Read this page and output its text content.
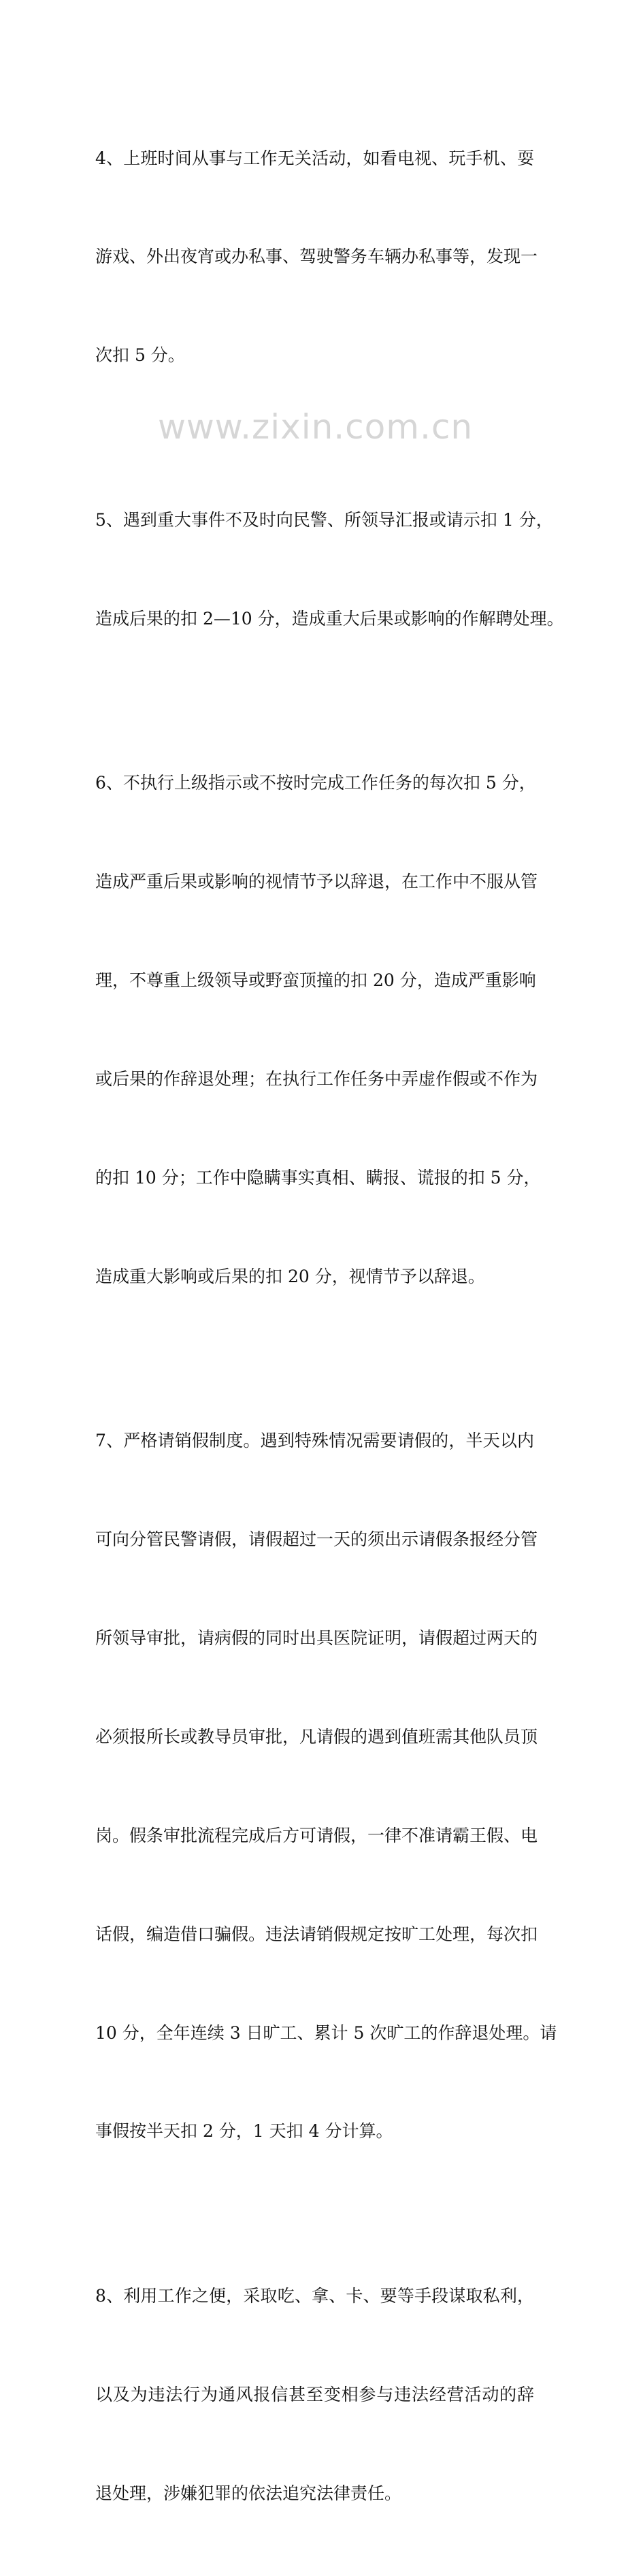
4、上班时间从事与工作无关活动，如看电视、玩手机、耍

游戏、外出夜宵或办私事、驾驶警务车辆办私事等，发现一

次扣 5 分。

5、遇到重大事件不及时向民警、所领导汇报或请示扣 1 分，

造成后果的扣 2—10 分，造成重大后果或影响的作解聘处理。

6、不执行上级指示或不按时完成工作任务的每次扣 5 分，

造成严重后果或影响的视情节予以辞退，在工作中不服从管

理，不尊重上级领导或野蛮顶撞的扣 20 分，造成严重影响

或后果的作辞退处理；在执行工作任务中弄虚作假或不作为

的扣 10 分；工作中隐瞒事实真相、瞒报、谎报的扣 5 分，

造成重大影响或后果的扣 20 分，视情节予以辞退。

7、严格请销假制度。遇到特殊情况需要请假的，半天以内

可向分管民警请假，请假超过一天的须出示请假条报经分管

所领导审批，请病假的同时出具医院证明，请假超过两天的

必须报所长或教导员审批，凡请假的遇到值班需其他队员顶

岗。假条审批流程完成后方可请假，一律不准请霸王假、电

话假，编造借口骗假。违法请销假规定按旷工处理，每次扣

10 分，全年连续 3 日旷工、累计 5 次旷工的作辞退处理。请

事假按半天扣 2 分，1 天扣 4 分计算。

8、利用工作之便，采取吃、拿、卡、要等手段谋取私利，

以及为违法行为通风报信甚至变相参与违法经营活动的辞

退处理，涉嫌犯罪的依法追究法律责任。

www.zixin.com.cn
